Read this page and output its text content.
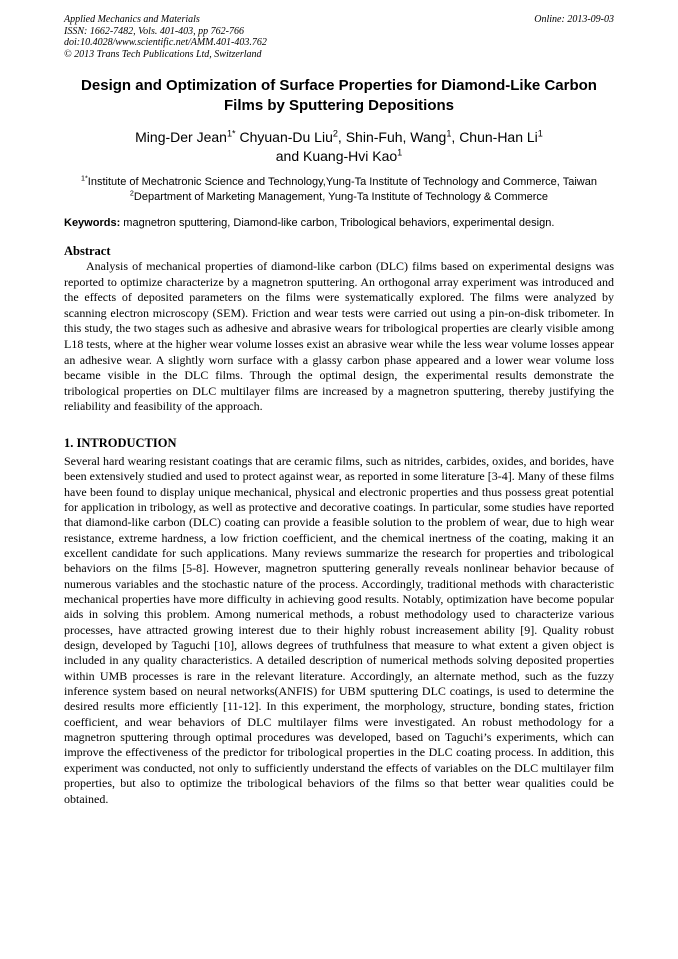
Applied Mechanics and Materials
ISSN: 1662-7482, Vols. 401-403, pp 762-766
doi:10.4028/www.scientific.net/AMM.401-403.762
© 2013 Trans Tech Publications Ltd, Switzerland
Online: 2013-09-03
Design and Optimization of Surface Properties for Diamond-Like Carbon Films by Sputtering Depositions
Ming-Der Jean$^{1*}$ Chyuan-Du Liu$^2$, Shin-Fuh, Wang$^1$, Chun-Han Li$^1$
and Kuang-Hvi Kao$^1$
$^{1*}$Institute of Mechatronic Science and Technology,Yung-Ta Institute of Technology and Commerce, Taiwan
$^2$Department of Marketing Management, Yung-Ta Institute of Technology & Commerce
Keywords: magnetron sputtering, Diamond-like carbon, Tribological behaviors, experimental design.
Abstract
Analysis of mechanical properties of diamond-like carbon (DLC) films based on experimental designs was reported to optimize characterize by a magnetron sputtering. An orthogonal array experiment was introduced and the effects of deposited parameters on the films were systematically explored. The films were analyzed by scanning electron microscopy (SEM). Friction and wear tests were carried out using a pin-on-disk tribometer. In this study, the two stages such as adhesive and abrasive wears for tribological properties are clearly visible among L18 tests, where at the higher wear volume losses exist an abrasive wear while the less wear volume losses appear an adhesive wear. A slightly worn surface with a glassy carbon phase appeared and a lower wear volume loss became visible in the DLC films. Through the optimal design, the experimental results demonstrate the tribological properties on DLC multilayer films are increased by a magnetron sputtering, thereby justifying the reliability and feasibility of the approach.
1. INTRODUCTION
Several hard wearing resistant coatings that are ceramic films, such as nitrides, carbides, oxides, and borides, have been extensively studied and used to protect against wear, as reported in some literature [3-4]. Many of these films have been found to display unique mechanical, physical and electronic properties and thus possess great potential for application in tribology, as well as protective and decorative coatings. In particular, some studies have reported that diamond-like carbon (DLC) coating can provide a feasible solution to the problem of wear, due to high wear resistance, extreme hardness, a low friction coefficient, and the chemical inertness of the coating, making it an excellent candidate for such applications. Many reviews summarize the research for properties and tribological behaviors on the films [5-8]. However, magnetron sputtering generally reveals nonlinear behavior because of numerous variables and the stochastic nature of the process. Accordingly, traditional methods with characteristic mechanical properties have more difficulty in achieving good results. Notably, optimization have become popular aids in solving this problem. Among numerical methods, a robust methodology used to characterize various processes, have attracted growing interest due to their highly robust increasement ability [9]. Quality robust design, developed by Taguchi [10], allows degrees of truthfulness that measure to what extent a given object is included in any quality characteristics. A detailed description of numerical methods solving deposited properties within UMB processes is rare in the relevant literature. Accordingly, an alternate method, such as the fuzzy inference system based on neural networks(ANFIS) for UBM sputtering DLC coatings, is used to determine the desired results more efficiently [11-12]. In this experiment, the morphology, structure, bonding states, friction coefficient, and wear behaviors of DLC multilayer films were investigated. An robust methodology for a magnetron sputtering through optimal procedures was developed, based on Taguchi’s experiments, which can improve the effectiveness of the predictor for tribological properties in the DLC coating process. In addition, this experiment was conducted, not only to sufficiently understand the effects of variables on the DLC multilayer film properties, but also to optimize the tribological behaviors of the films so that better wear qualities could be obtained.
